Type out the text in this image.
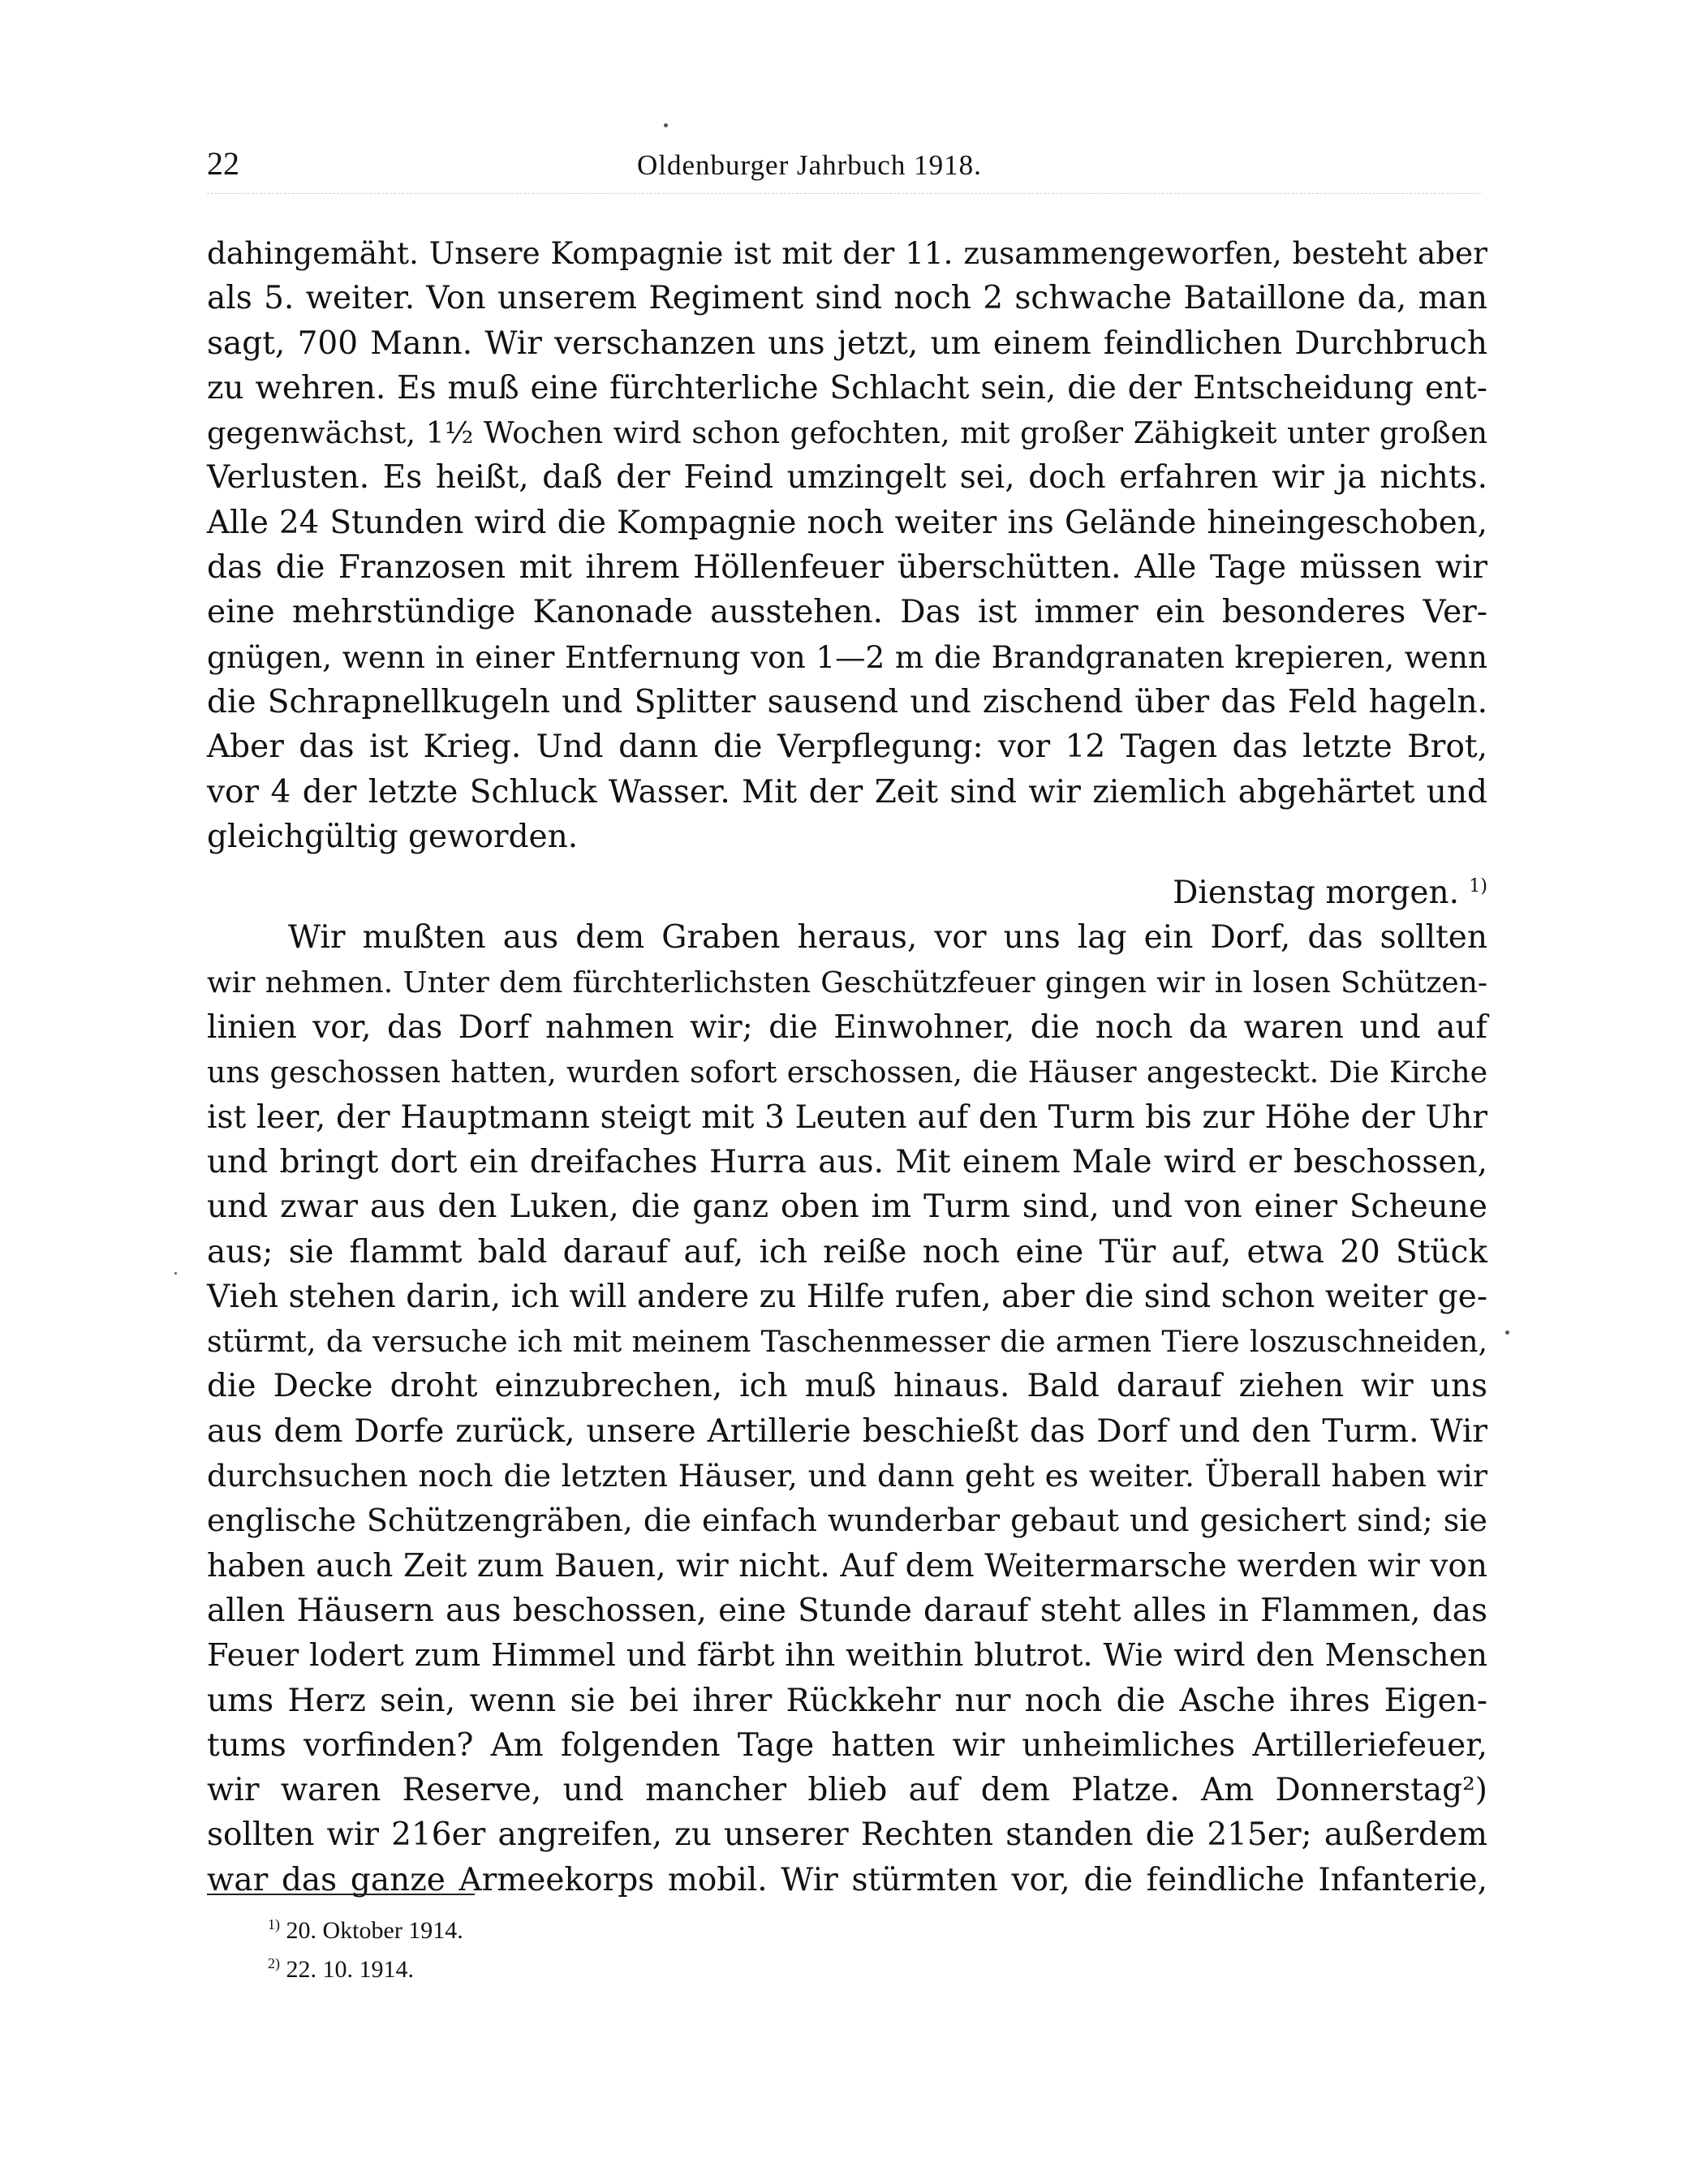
22	Oldenburger Jahrbuch 1918.
dahingemäht. Unsere Kompagnie ist mit der 11. zusammengeworfen, besteht aber
als 5. weiter. Von unserem Regiment sind noch 2 schwache Bataillone da, man
sagt, 700 Mann. Wir verschanzen uns jetzt, um einem feindlichen Durchbruch
zu wehren. Es muß eine fürchterliche Schlacht sein, die der Entscheidung ent-
gegenwächst, 1½ Wochen wird schon gefochten, mit großer Zähigkeit unter großen
Verlusten. Es heißt, daß der Feind umzingelt sei, doch erfahren wir ja nichts.
Alle 24 Stunden wird die Kompagnie noch weiter ins Gelände hineingeschoben,
das die Franzosen mit ihrem Höllenfeuer überschütten. Alle Tage müssen wir
eine mehrstündige Kanonade ausstehen. Das ist immer ein besonderes Ver-
gnügen, wenn in einer Entfernung von 1—2 m die Brandgranaten krepieren, wenn
die Schrapnellkugeln und Splitter sausend und zischend über das Feld hageln.
Aber das ist Krieg. Und dann die Verpflegung: vor 12 Tagen das letzte Brot,
vor 4 der letzte Schluck Wasser. Mit der Zeit sind wir ziemlich abgehärtet und
gleichgültig geworden.
Dienstag morgen. $^{1)}$
Wir mußten aus dem Graben heraus, vor uns lag ein Dorf, das sollten
wir nehmen. Unter dem fürchterlichsten Geschützfeuer gingen wir in losen Schützen-
linien vor, das Dorf nahmen wir; die Einwohner, die noch da waren und auf
uns geschossen hatten, wurden sofort erschossen, die Häuser angesteckt. Die Kirche
ist leer, der Hauptmann steigt mit 3 Leuten auf den Turm bis zur Höhe der Uhr
und bringt dort ein dreifaches Hurra aus. Mit einem Male wird er beschossen,
und zwar aus den Luken, die ganz oben im Turm sind, und von einer Scheune
aus; sie flammt bald darauf auf, ich reiße noch eine Tür auf, etwa 20 Stück
Vieh stehen darin, ich will andere zu Hilfe rufen, aber die sind schon weiter ge-
stürmt, da versuche ich mit meinem Taschenmesser die armen Tiere loszuschneiden,
die Decke droht einzubrechen, ich muß hinaus. Bald darauf ziehen wir uns
aus dem Dorfe zurück, unsere Artillerie beschießt das Dorf und den Turm. Wir
durchsuchen noch die letzten Häuser, und dann geht es weiter. Überall haben wir
englische Schützengräben, die einfach wunderbar gebaut und gesichert sind; sie
haben auch Zeit zum Bauen, wir nicht. Auf dem Weitermarsche werden wir von
allen Häusern aus beschossen, eine Stunde darauf steht alles in Flammen, das
Feuer lodert zum Himmel und färbt ihn weithin blutrot. Wie wird den Menschen
ums Herz sein, wenn sie bei ihrer Rückkehr nur noch die Asche ihres Eigen-
tums vorfinden? Am folgenden Tage hatten wir unheimliches Artilleriefeuer,
wir waren Reserve, und mancher blieb auf dem Platze. Am Donnerstag²)
sollten wir 216er angreifen, zu unserer Rechten standen die 215er; außerdem
war das ganze Armeekorps mobil. Wir stürmten vor, die feindliche Infanterie,
$^{1)}$ 20. Oktober 1914.
$^{2)}$ 22. 10. 1914.
